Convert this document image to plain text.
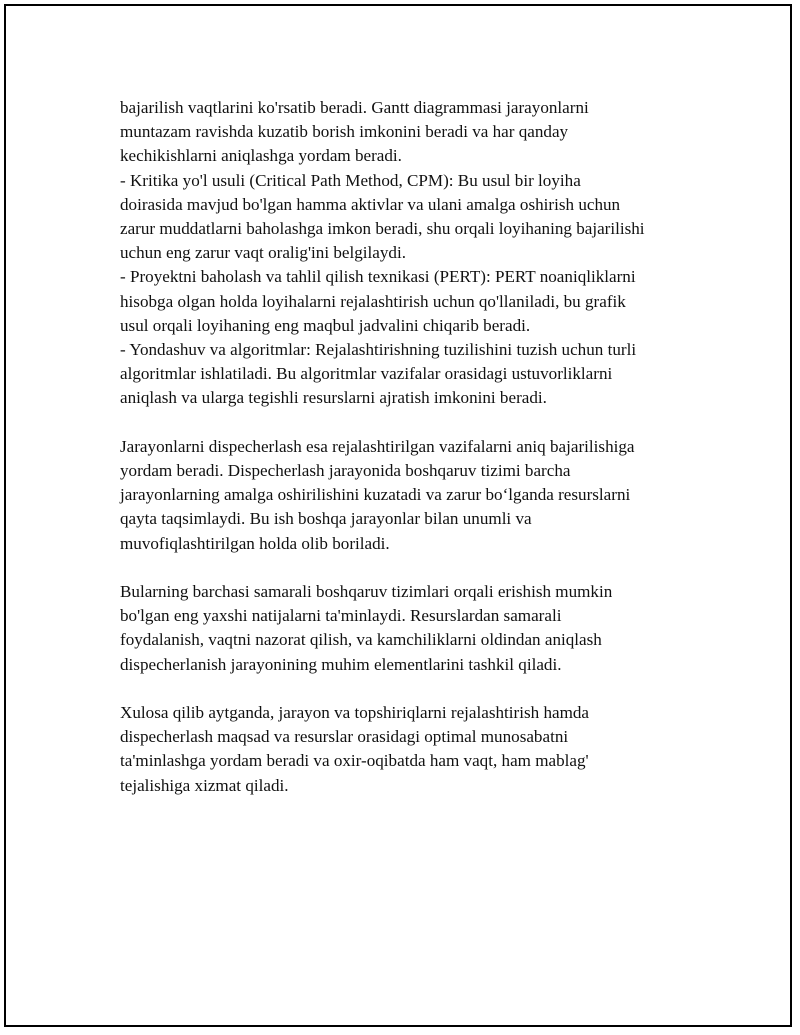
bajarilish vaqtlarini ko'rsatib beradi. Gantt diagrammasi jarayonlarni
muntazam ravishda kuzatib borish imkonini beradi va har qanday
kechikishlarni aniqlashga yordam beradi.
- Kritika yo'l usuli (Critical Path Method, CPM): Bu usul bir loyiha
doirasida mavjud bo'lgan hamma aktivlar va ulani amalga oshirish uchun
zarur muddatlarni baholashga imkon beradi, shu orqali loyihaning bajarilishi
uchun eng zarur vaqt oralig'ini belgilaydi.
- Proyektni baholash va tahlil qilish texnikasi (PERT): PERT noaniqliklarni
hisobga olgan holda loyihalarni rejalashtirish uchun qo'llaniladi, bu grafik
usul orqali loyihaning eng maqbul jadvalini chiqarib beradi.
- Yondashuv va algoritmlar: Rejalashtirishning tuzilishini tuzish uchun turli
algoritmlar ishlatiladi. Bu algoritmlar vazifalar orasidagi ustuvorliklarni
aniqlash va ularga tegishli resurslarni ajratish imkonini beradi.
Jarayonlarni dispecherlash esa rejalashtirilgan vazifalarni aniq bajarilishiga
yordam beradi. Dispecherlash jarayonida boshqaruv tizimi barcha
jarayonlarning amalga oshirilishini kuzatadi va zarur bo‘lganda resurslarni
qayta taqsimlaydi. Bu ish boshqa jarayonlar bilan unumli va
muvofiqlashtirilgan holda olib boriladi.
Bularning barchasi samarali boshqaruv tizimlari orqali erishish mumkin
bo'lgan eng yaxshi natijalarni ta'minlaydi. Resurslardan samarali
foydalanish, vaqtni nazorat qilish, va kamchiliklarni oldindan aniqlash
dispecherlanish jarayonining muhim elementlarini tashkil qiladi.
Xulosa qilib aytganda, jarayon va topshiriqlarni rejalashtirish hamda
dispecherlash maqsad va resurslar orasidagi optimal munosabatni
ta'minlashga yordam beradi va oxir-oqibatda ham vaqt, ham mablag'
tejalishiga xizmat qiladi.
